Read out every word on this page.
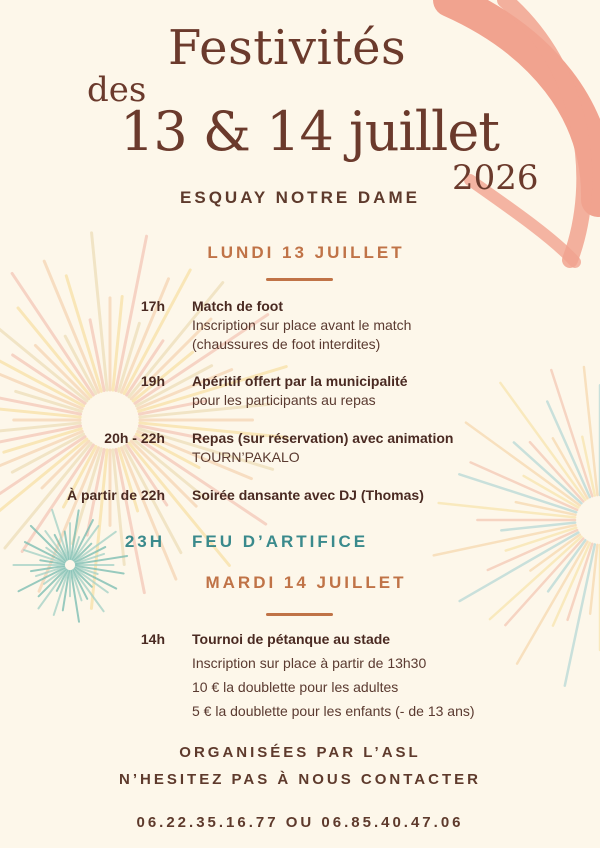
Festivités
des
13 & 14 juillet
2026
ESQUAY NOTRE DAME
LUNDI 13 JUILLET
17h Match de foot
Inscription sur place avant le match
(chaussures de foot interdites)
19h Apéritif offert par la municipalité
pour les participants au repas
20h - 22h Repas (sur réservation) avec animation
TOURN’PAKALO
À partir de 22h Soirée dansante avec DJ (Thomas)
23H FEU D’ARTIFICE
MARDI 14 JUILLET
14h Tournoi de pétanque au stade
Inscription sur place à partir de 13h30
10 € la doublette pour les adultes
5 € la doublette pour les enfants (- de 13 ans)
ORGANISÉES PAR L’ASL
N’HESITEZ PAS À NOUS CONTACTER
06.22.35.16.77 OU 06.85.40.47.06
